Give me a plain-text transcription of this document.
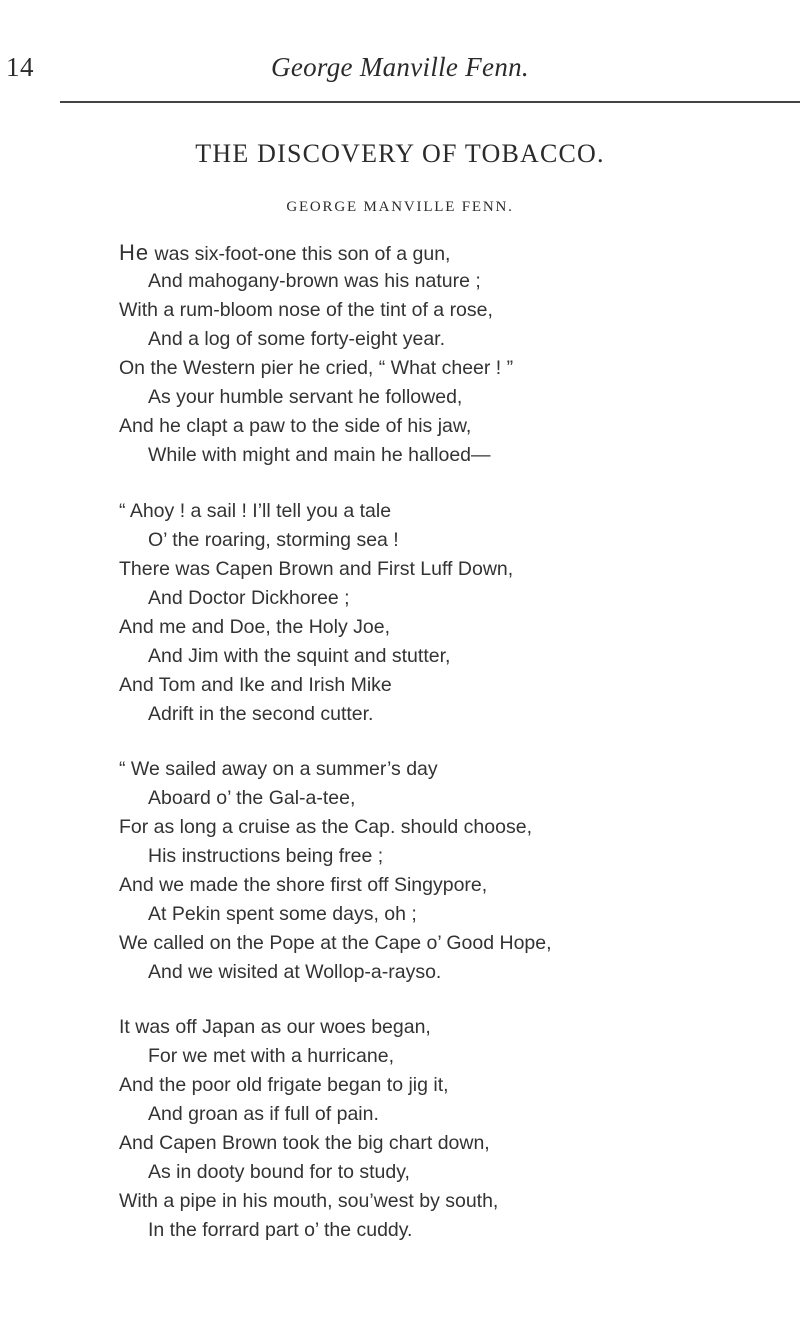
14	George Manville Fenn.
THE DISCOVERY OF TOBACCO.
GEORGE MANVILLE FENN.
He was six-foot-one this son of a gun,
And mahogany-brown was his nature ;
With a rum-bloom nose of the tint of a rose,
And a log of some forty-eight year.
On the Western pier he cried, “ What cheer ! ”
As your humble servant he followed,
And he clapt a paw to the side of his jaw,
While with might and main he halloed—
“ Ahoy ! a sail ! I’ll tell you a tale
O’ the roaring, storming sea !
There was Capen Brown and First Luff Down,
And Doctor Dickhoree ;
And me and Doe, the Holy Joe,
And Jim with the squint and stutter,
And Tom and Ike and Irish Mike
Adrift in the second cutter.
“ We sailed away on a summer’s day
Aboard o’ the Gal-a-tee,
For as long a cruise as the Cap. should choose,
His instructions being free ;
And we made the shore first off Singypore,
At Pekin spent some days, oh ;
We called on the Pope at the Cape o’ Good Hope,
And we wisited at Wollop-a-rayso.
It was off Japan as our woes began,
For we met with a hurricane,
And the poor old frigate began to jig it,
And groan as if full of pain.
And Capen Brown took the big chart down,
As in dooty bound for to study,
With a pipe in his mouth, sou’west by south,
In the forrard part o’ the cuddy.
